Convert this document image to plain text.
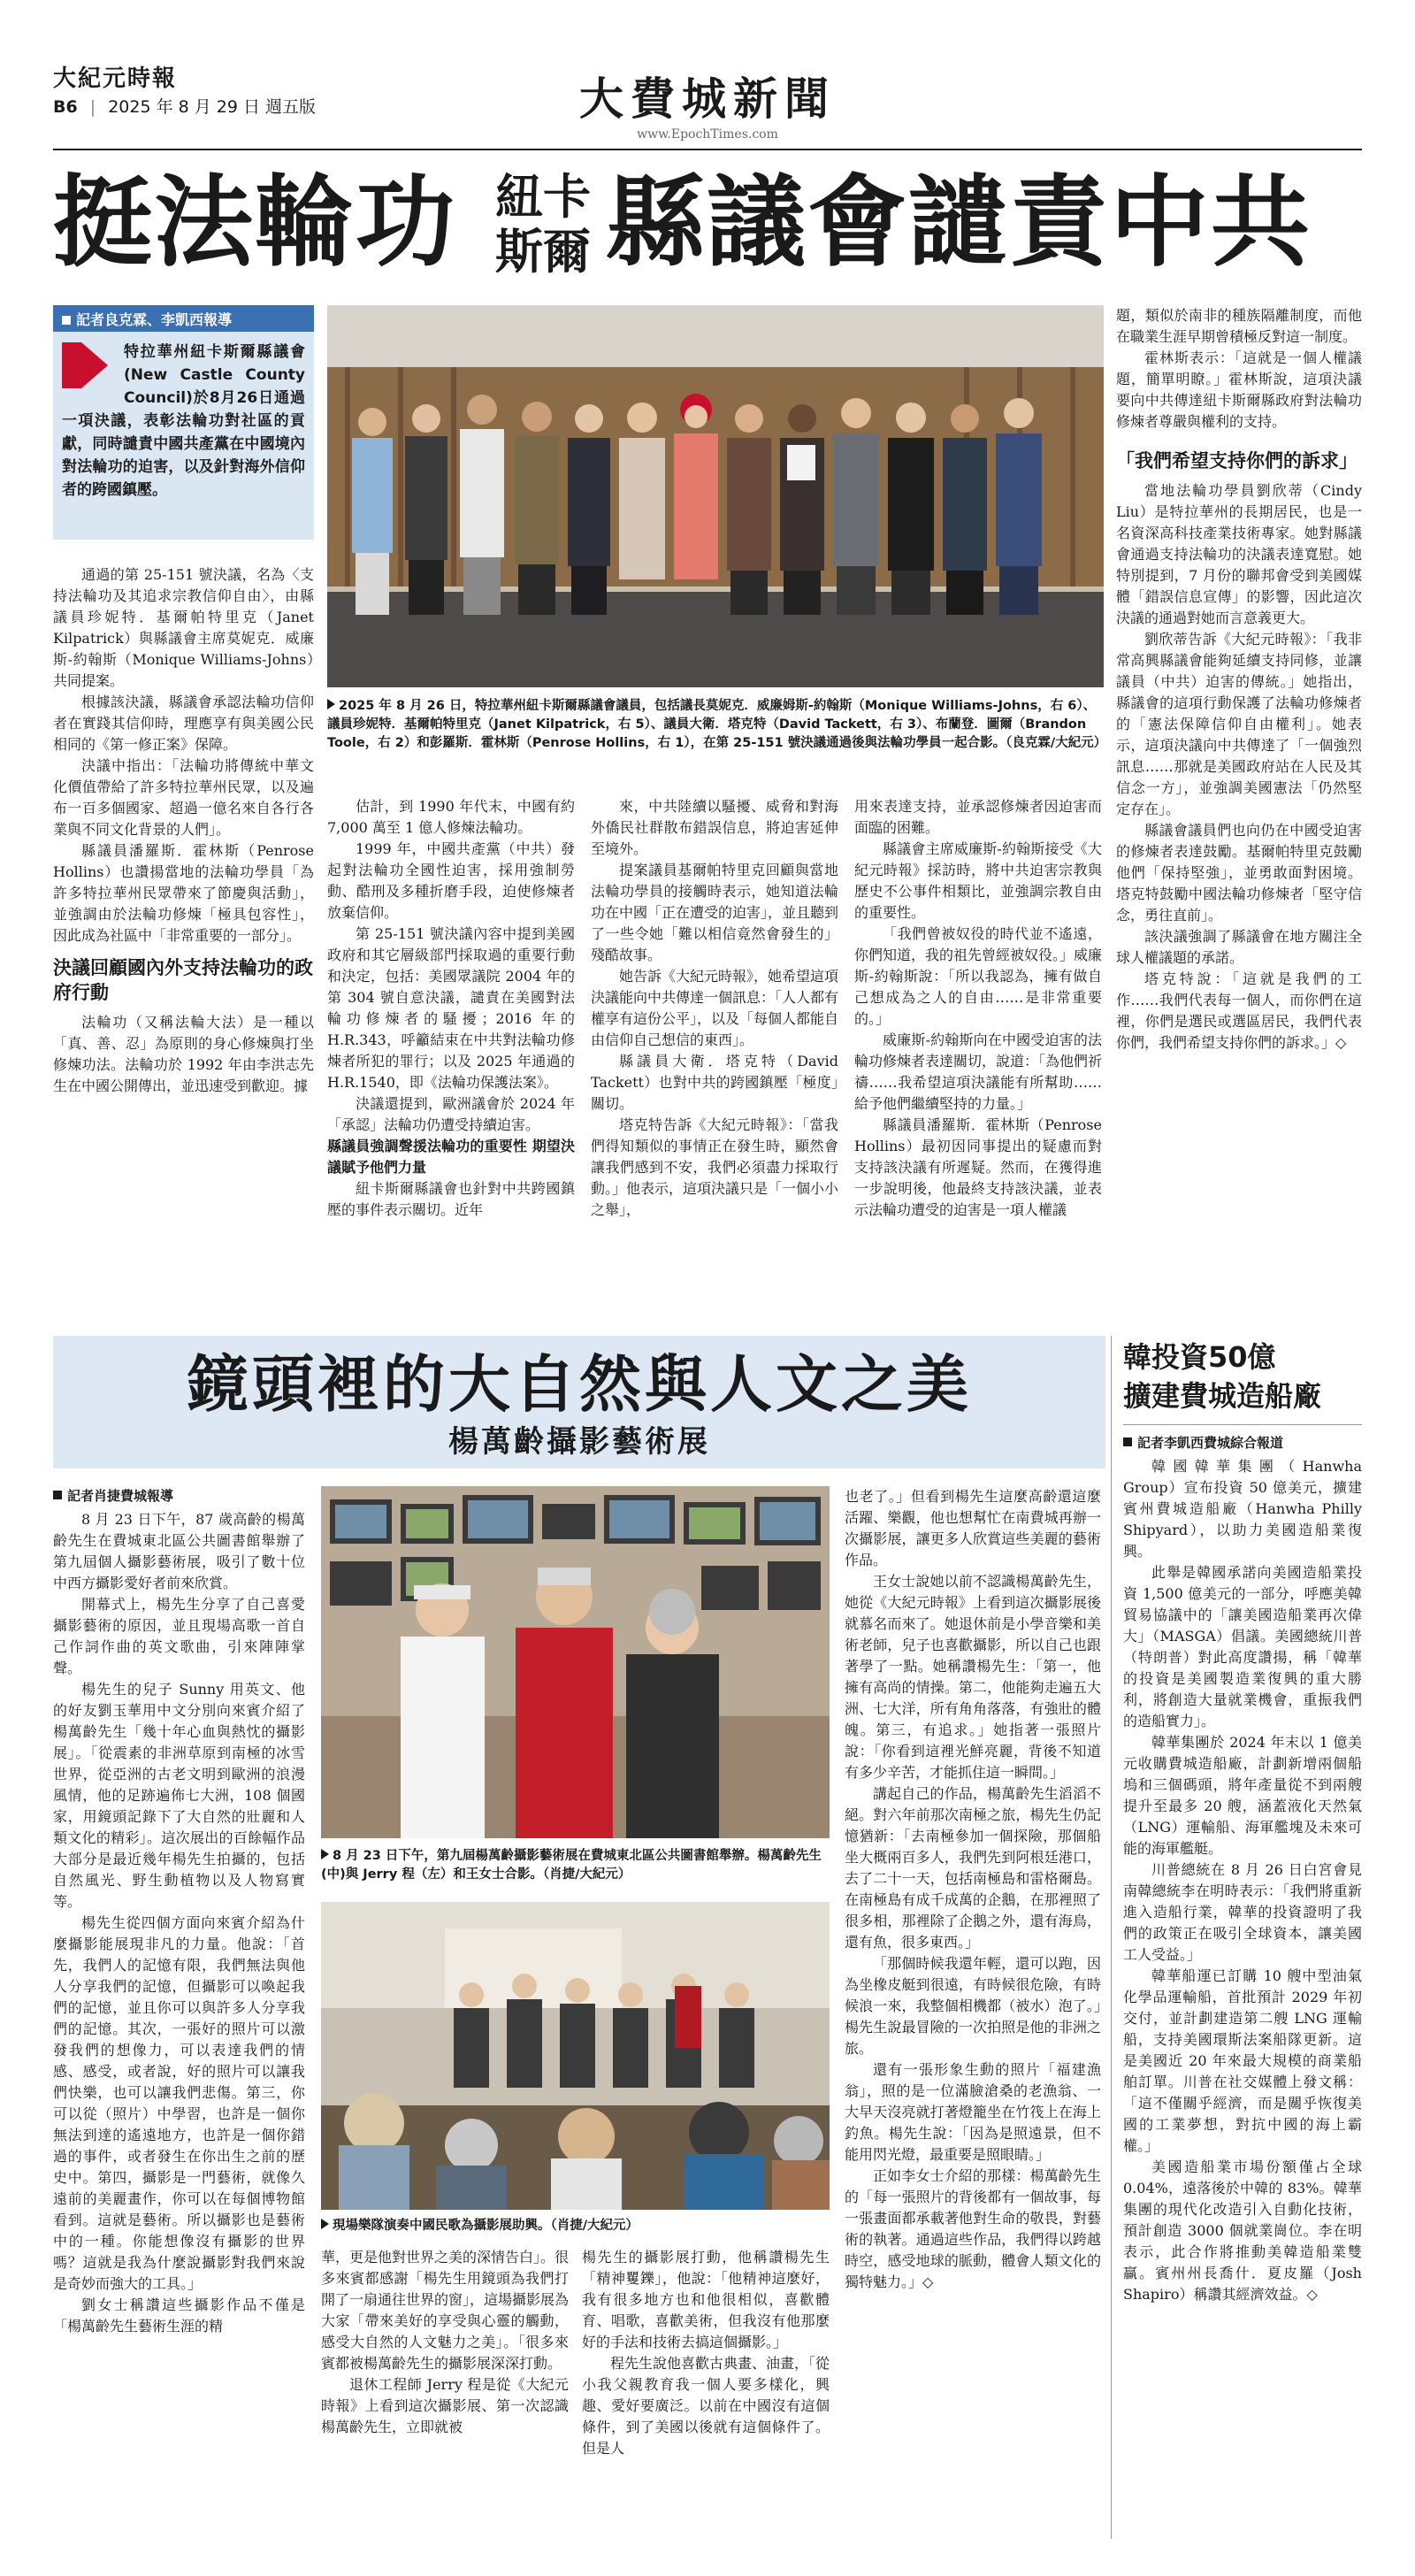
大紀元時報
B6 | 2025 年 8 月 29 日 週五版	大費城新聞
www.EpochTimes.com
挺法輪功 紐卡
斯爾 縣議會譴責中共
記者良克霖、李凱西報導

特拉華州紐卡斯爾縣議會(New Castle County Council)於8月26日通過一項決議，表彰法輪功對社區的貢獻，同時譴責中國共產黨在中國境內對法輪功的迫害，以及針對海外信仰者的跨國鎮壓。

2025 年 8 月 26 日，特拉華州紐卡斯爾縣議會議員，包括議長莫妮克．威廉姆斯-約翰斯（Monique Williams-Johns，右 6）、議員珍妮特．基爾帕特里克（Janet Kilpatrick，右 5）、議員大衛．塔克特（David Tackett，右 3）、布蘭登．圖爾（Brandon Toole，右 2）和彭羅斯．霍林斯（Penrose Hollins，右 1），在第 25-151 號決議通過後與法輪功學員一起合影。（良克霖/大紀元）

通過的第 25-151 號決議，名為〈支持法輪功及其追求宗教信仰自由〉，由縣議員珍妮特．基爾帕特里克（Janet Kilpatrick）與縣議會主席莫妮克．威廉斯-約翰斯（Monique Williams-Johns）共同提案。

根據該決議，縣議會承認法輪功信仰者在實踐其信仰時，理應享有與美國公民相同的《第一修正案》保障。

決議中指出：「法輪功將傳統中華文化價值帶給了許多特拉華州民眾，以及遍布一百多個國家、超過一億名來自各行各業與不同文化背景的人們」。

縣議員潘羅斯．霍林斯（Penrose Hollins）也讚揚當地的法輪功學員「為許多特拉華州民眾帶來了節慶與活動」，並強調由於法輪功修煉「極具包容性」，因此成為社區中「非常重要的一部分」。

決議回顧國內外支持法輪功的政府行動

法輪功（又稱法輪大法）是一種以「真、善、忍」為原則的身心修煉與打坐修煉功法。法輪功於 1992 年由李洪志先生在中國公開傳出，並迅速受到歡迎。據

估計，到 1990 年代末，中國有約 7,000 萬至 1 億人修煉法輪功。

1999 年，中國共產黨（中共）發起對法輪功全國性迫害，採用強制勞動、酷刑及多種折磨手段，迫使修煉者放棄信仰。

第 25-151 號決議內容中提到美國政府和其它層級部門採取過的重要行動和決定，包括：美國眾議院 2004 年的第 304 號自意決議，譴責在美國對法輪功修煉者的騷擾；2016 年的 H.R.343，呼籲結束在中共對法輪功修煉者所犯的罪行；以及 2025 年通過的 H.R.1540，即《法輪功保護法案》。

決議還提到，歐洲議會於 2024 年「承認」法輪功仍遭受持續迫害。

縣議員強調聲援法輪功的重要性 期望決議賦予他們力量

紐卡斯爾縣議會也針對中共跨國鎮壓的事件表示關切。近年

來，中共陸續以騷擾、威脅和對海外僑民社群散布錯誤信息，將迫害延伸至境外。

提案議員基爾帕特里克回顧與當地法輪功學員的接觸時表示，她知道法輪功在中國「正在遭受的迫害」，並且聽到了一些令她「難以相信竟然會發生的」殘酷故事。

她告訴《大紀元時報》，她希望這項決議能向中共傳達一個訊息：「人人都有權享有這份公平」，以及「每個人都能自由信仰自己想信的東西」。

縣議員大衛．塔克特（David Tackett）也對中共的跨國鎮壓「極度」關切。

塔克特告訴《大紀元時報》：「當我們得知類似的事情正在發生時，顯然會讓我們感到不安，我們必須盡力採取行動。」他表示，這項決議只是「一個小小之舉」，

用來表達支持，並承認修煉者因迫害而面臨的困難。

縣議會主席威廉斯-約翰斯接受《大紀元時報》採訪時，將中共迫害宗教與歷史不公事件相類比，並強調宗教自由的重要性。

「我們曾被奴役的時代並不遙遠，你們知道，我的祖先曾經被奴役。」威廉斯-約翰斯說：「所以我認為，擁有做自己想成為之人的自由……是非常重要的。」

威廉斯-約翰斯向在中國受迫害的法輪功修煉者表達關切，說道：「為他們祈禱……我希望這項決議能有所幫助……給予他們繼續堅持的力量。」

縣議員潘羅斯．霍林斯（Penrose Hollins）最初因同事提出的疑慮而對支持該決議有所遲疑。然而，在獲得進一步說明後，他最終支持該決議，並表示法輪功遭受的迫害是一項人權議

題，類似於南非的種族隔離制度，而他在職業生涯早期曾積極反對這一制度。

霍林斯表示：「這就是一個人權議題，簡單明瞭。」霍林斯說，這項決議要向中共傳達紐卡斯爾縣政府對法輪功修煉者尊嚴與權利的支持。

「我們希望支持你們的訴求」

當地法輪功學員劉欣蒂（Cindy Liu）是特拉華州的長期居民，也是一名資深高科技產業技術專家。她對縣議會通過支持法輪功的決議表達寬慰。她特別提到，7 月份的聯邦會受到美國媒體「錯誤信息宣傳」的影響，因此這次決議的通過對她而言意義更大。

劉欣蒂告訴《大紀元時報》：「我非常高興縣議會能夠延續支持同修，並讓議員（中共）迫害的傳統。」她指出，縣議會的這項行動保護了法輪功修煉者的「憲法保障信仰自由權利」。她表示，這項決議向中共傳達了「一個強烈訊息……那就是美國政府站在人民及其信念一方」，並強調美國憲法「仍然堅定存在」。

縣議會議員們也向仍在中國受迫害的修煉者表達鼓勵。基爾帕特里克鼓勵他們「保持堅強」，並勇敢面對困境。塔克特鼓勵中國法輪功修煉者「堅守信念，勇往直前」。

該決議強調了縣議會在地方關注全球人權議題的承諾。

塔克特說：「這就是我們的工作……我們代表每一個人，而你們在這裡，你們是選民或選區居民，我們代表你們，我們希望支持你們的訴求。」◇

鏡頭裡的大自然與人文之美
楊萬齡攝影藝術展
記者肖捷費城報導

8 月 23 日下午，87 歲高齡的楊萬齡先生在費城東北區公共圖書館舉辦了第九屆個人攝影藝術展，吸引了數十位中西方攝影愛好者前來欣賞。

開幕式上，楊先生分享了自己喜愛攝影藝術的原因，並且現場高歌一首自己作詞作曲的英文歌曲，引來陣陣掌聲。

楊先生的兒子 Sunny 用英文、他的好友劉玉華用中文分別向來賓介紹了楊萬齡先生「幾十年心血與熱忱的攝影展」。「從震素的非洲草原到南極的冰雪世界，從亞洲的古老文明到歐洲的浪漫風情，他的足跡遍佈七大洲，108 個國家，用鏡頭記錄下了大自然的壯麗和人類文化的精彩」。這次展出的百餘幅作品大部分是最近幾年楊先生拍攝的，包括自然風光、野生動植物以及人物寫實等。

楊先生從四個方面向來賓介紹為什麼攝影能展現非凡的力量。他說：「首先，我們人的記憶有限，我們無法與他人分享我們的記憶，但攝影可以喚起我們的記憶，並且你可以與許多人分享我們的記憶。其次，一張好的照片可以激發我們的想像力，可以表達我們的情感、感受，或者說，好的照片可以讓我們快樂，也可以讓我們悲傷。第三，你可以從（照片）中學習，也許是一個你無法到達的遙遠地方，也許是一個你錯過的事件，或者發生在你出生之前的歷史中。第四，攝影是一門藝術，就像久遠前的美麗畫作，你可以在每個博物館看到。這就是藝術。所以攝影也是藝術中的一種。你能想像沒有攝影的世界嗎？這就是我為什麼說攝影對我們來說是奇妙而強大的工具。」

劉女士稱讚這些攝影作品不僅是「楊萬齡先生藝術生涯的精

8 月 23 日下午，第九屆楊萬齡攝影藝術展在費城東北區公共圖書館舉辦。楊萬齡先生(中)與 Jerry 程（左）和王女士合影。（肖捷/大紀元）
現場樂隊演奏中國民歌為攝影展助興。（肖捷/大紀元）

華，更是他對世界之美的深情告白」。很多來賓都感謝「楊先生用鏡頭為我們打開了一扇通往世界的窗」，這場攝影展為大家「帶來美好的享受與心靈的觸動，感受大自然的人文魅力之美」。「很多來賓都被楊萬齡先生的攝影展深深打動。

退休工程師 Jerry 程是從《大紀元時報》上看到這次攝影展、第一次認識楊萬齡先生，立即就被

楊先生的攝影展打動，他稱讚楊先生「精神矍鑠」，他說：「他精神這麼好，我有很多地方也和他很相似，喜歡體育、唱歌，喜歡美術，但我沒有他那麼好的手法和技術去搞這個攝影。」

程先生說他喜歡古典畫、油畫，「從小我父親教育我一個人要多樣化，興趣、愛好要廣泛。以前在中國沒有這個條件，到了美國以後就有這個條件了。但是人

也老了。」但看到楊先生這麼高齡還這麼活躍、樂觀，他也想幫忙在南費城再辦一次攝影展，讓更多人欣賞這些美麗的藝術作品。

王女士說她以前不認識楊萬齡先生，她從《大紀元時報》上看到這次攝影展後就慕名而來了。她退休前是小學音樂和美術老師，兒子也喜歡攝影，所以自己也跟著學了一點。她稱讚楊先生：「第一，他擁有高尚的情操。第二，他能夠走遍五大洲、七大洋，所有角角落落，有強壯的體魄。第三，有追求。」她指著一張照片說：「你看到這裡光鮮亮麗，背後不知道有多少辛苦，才能抓住這一瞬間。」

講起自己的作品，楊萬齡先生滔滔不絕。對六年前那次南極之旅，楊先生仍記憶猶新：「去南極參加一個探險，那個船坐大概兩百多人，我們先到阿根廷港口，去了二十一天，包括南極島和雷格爾島。在南極島有成千成萬的企鵝，在那裡照了很多相，那裡除了企鵝之外，還有海鳥，還有魚，很多東西。」

「那個時候我還年輕，還可以跑，因為坐橡皮艇到很遠，有時候很危險，有時候浪一來，我整個相機都（被水）泡了。」楊先生說最冒險的一次拍照是他的非洲之旅。

還有一張形象生動的照片「福建漁翁」，照的是一位滿臉滄桑的老漁翁、一大早天沒亮就打著燈籠坐在竹筏上在海上釣魚。楊先生說：「因為是照遠景，但不能用閃光燈，最重要是照眼睛。」

正如李女士介紹的那樣：楊萬齡先生的「每一張照片的背後都有一個故事，每一張畫面都承載著他對生命的敬畏，對藝術的執著。通過這些作品，我們得以跨越時空，感受地球的脈動，體會人類文化的獨特魅力。」◇

韓投資50億
擴建費城造船廠
記者李凱西費城綜合報道

韓國韓華集團（Hanwha Group）宣布投資 50 億美元，擴建賓州費城造船廠（Hanwha Philly Shipyard），以助力美國造船業復興。

此舉是韓國承諾向美國造船業投資 1,500 億美元的一部分，呼應美韓貿易協議中的「讓美國造船業再次偉大」（MASGA）倡議。美國總統川普（特朗普）對此高度讚揚，稱「韓華的投資是美國製造業復興的重大勝利，將創造大量就業機會，重振我們的造船實力」。

韓華集團於 2024 年末以 1 億美元收購費城造船廠，計劃新增兩個船塢和三個碼頭，將年產量從不到兩艘提升至最多 20 艘，涵蓋液化天然氣（LNG）運輸船、海軍艦塊及未來可能的海軍艦艇。

川普總統在 8 月 26 日白宮會見南韓總統李在明時表示：「我們將重新進入造船行業，韓華的投資證明了我們的政策正在吸引全球資本，讓美國工人受益。」

韓華船運已訂購 10 艘中型油氣化學品運輸船，首批預計 2029 年初交付，並計劃建造第二艘 LNG 運輸船，支持美國環斯法案船隊更新。這是美國近 20 年來最大規模的商業船舶訂單。川普在社交媒體上發文稱：「這不僅關乎經濟，而是關乎恢復美國的工業夢想，對抗中國的海上霸權。」

美國造船業市場份額僅占全球 0.04%，遠落後於中韓的 83%。韓華集團的現代化改造引入自動化技術，預計創造 3000 個就業崗位。李在明表示，此合作將推動美韓造船業雙贏。賓州州長喬什．夏皮羅（Josh Shapiro）稱讚其經濟效益。◇
